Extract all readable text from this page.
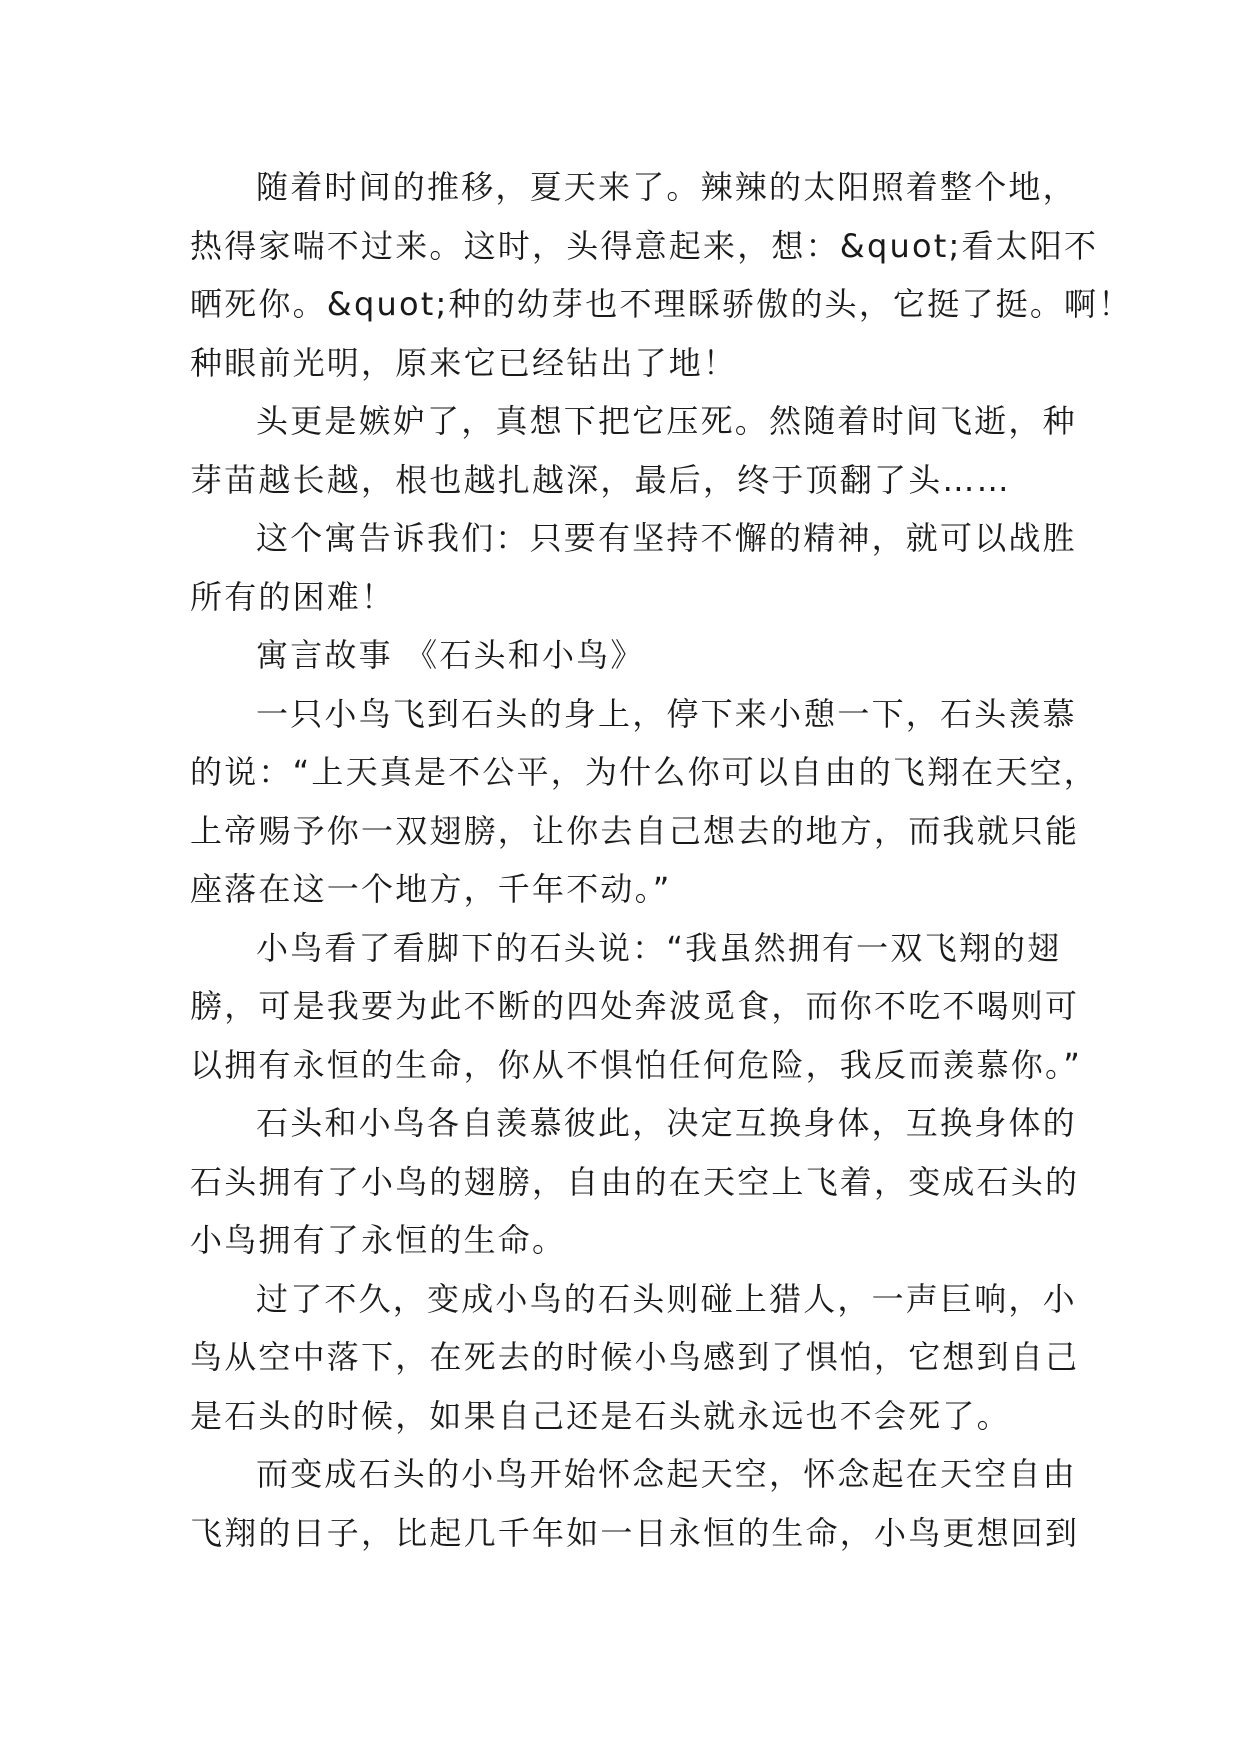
随着时间的推移，夏天来了。辣辣的太阳照着整个地，
热得家喘不过来。这时，头得意起来，想：&quot;看太阳不
晒死你。&quot;种的幼芽也不理睬骄傲的头，它挺了挺。啊！
种眼前光明，原来它已经钻出了地！

头更是嫉妒了，真想下把它压死。然随着时间飞逝，种
芽苗越长越，根也越扎越深，最后，终于顶翻了头……

这个寓告诉我们：只要有坚持不懈的精神，就可以战胜
所有的困难！

寓言故事 《石头和小鸟》

一只小鸟飞到石头的身上，停下来小憩一下，石头羡慕
的说：“上天真是不公平，为什么你可以自由的飞翔在天空，
上帝赐予你一双翅膀，让你去自己想去的地方，而我就只能
座落在这一个地方，千年不动。”

小鸟看了看脚下的石头说：“我虽然拥有一双飞翔的翅
膀，可是我要为此不断的四处奔波觅食，而你不吃不喝则可
以拥有永恒的生命，你从不惧怕任何危险，我反而羡慕你。”

石头和小鸟各自羡慕彼此，决定互换身体，互换身体的
石头拥有了小鸟的翅膀，自由的在天空上飞着，变成石头的
小鸟拥有了永恒的生命。

过了不久，变成小鸟的石头则碰上猎人，一声巨响，小
鸟从空中落下，在死去的时候小鸟感到了惧怕，它想到自己
是石头的时候，如果自己还是石头就永远也不会死了。

而变成石头的小鸟开始怀念起天空，怀念起在天空自由
飞翔的日子，比起几千年如一日永恒的生命，小鸟更想回到
